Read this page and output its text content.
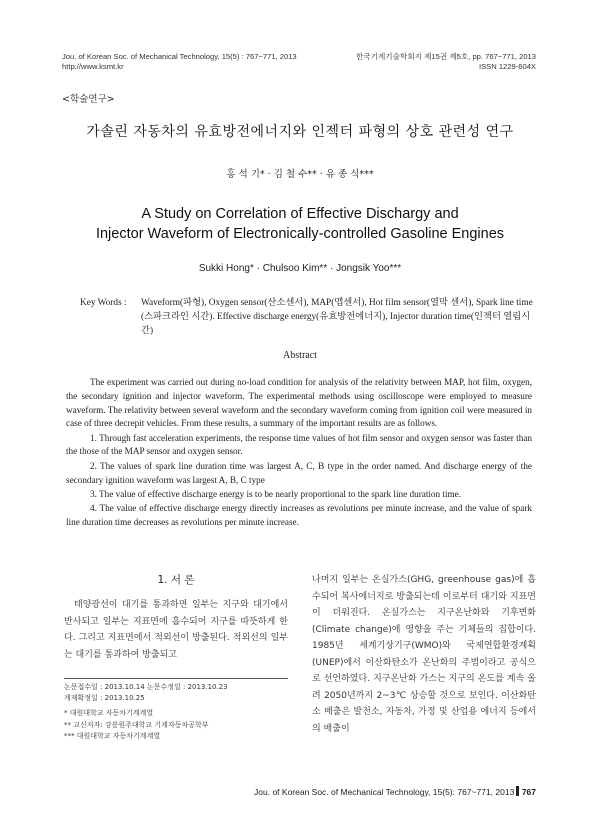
Jou. of Korean Soc. of Mechanical Technology, 15(5) : 767~771, 2013
http://www.ksmt.kr
한국기계기술학회지 제15권 제5호, pp. 767~771, 2013
ISSN 1229-604X
<학술연구>
가솔린 자동차의 유효방전에너지와 인젝터 파형의 상호 관련성 연구
홍 석 기* · 김 철 수** · 유 종 식***
A Study on Correlation of Effective Dischargy and
Injector Waveform of Electronically-controlled Gasoline Engines
Sukki Hong* · Chulsoo Kim** · Jongsik Yoo***
Key Words :	Waveform(파형), Oxygen sensor(산소센서), MAP(맵센서), Hot film sensor(열막 센서), Spark line time (스파크라인 시간). Effective discharge energy(유효방전에너지), Injector duration time(인젝터 열림시간)
Abstract

The experiment was carried out during no-load condition for analysis of the relativity between MAP, hot film, oxygen, the secondary ignition and injector waveform. The experimental methods using oscilloscope were employed to measure waveform. The relativity between several waveform and the secondary waveform coming from ignition coil were measured in case of three decrepit vehicles. From these results, a summary of the important results are as follows.

1. Through fast acceleration experiments, the response time values of hot film sensor and oxygen sensor was faster than the those of the MAP sensor and oxygen sensor.

2. The values of spark line duration time was largest A, C, B type in the order named. And discharge energy of the secondary ignition waveform was largest A, B, C type

3. The value of effective discharge energy is to be nearly proportional to the spark line duration time.

4. The value of effective discharge energy directly increases as revolutions per minute increase, and the value of spark line duration time decreases as revolutions per minute increase.

1. 서 론

태양광선이 대기를 통과하면 일부는 지구와 대기에서 반사되고 일부는 지표면에 흡수되어 지구를 따뜻하게 한다. 그리고 지표면에서 적외선이 방출된다. 적외선의 일부는 대기를 통과하여 방출되고

논문접수일 : 2013.10.14 논문수정일 : 2013.10.23
게재확정일 : 2013.10.25
* 대원대학교 자동차기계계열
** 교신저자: 강릉원주대학교 기계자동차공학부
*** 대원대학교 자동차기계계열

나머지 일부는 온실가스(GHG, greenhouse gas)에 흡수되어 복사에너지로 방출되는데 이로부터 대기와 지표면이 더워진다. 온실가스는 지구온난화와 기후변화(Climate change)에 영향을 주는 기체들의 집합이다. 1985년 세계기상기구(WMO)와 국제연합환경계획(UNEP)에서 이산화탄소가 온난화의 주범이라고 공식으로 선언하였다. 지구온난화 가스는 지구의 온도를 계속 올려 2050년까지 2~3℃ 상승할 것으로 보인다. 이산화탄소 배출은 발전소, 자동차, 가정 및 산업용 에너지 등에서의 배출이

Jou. of Korean Soc. of Mechanical Technology, 15(5): 767~771, 2013 767
